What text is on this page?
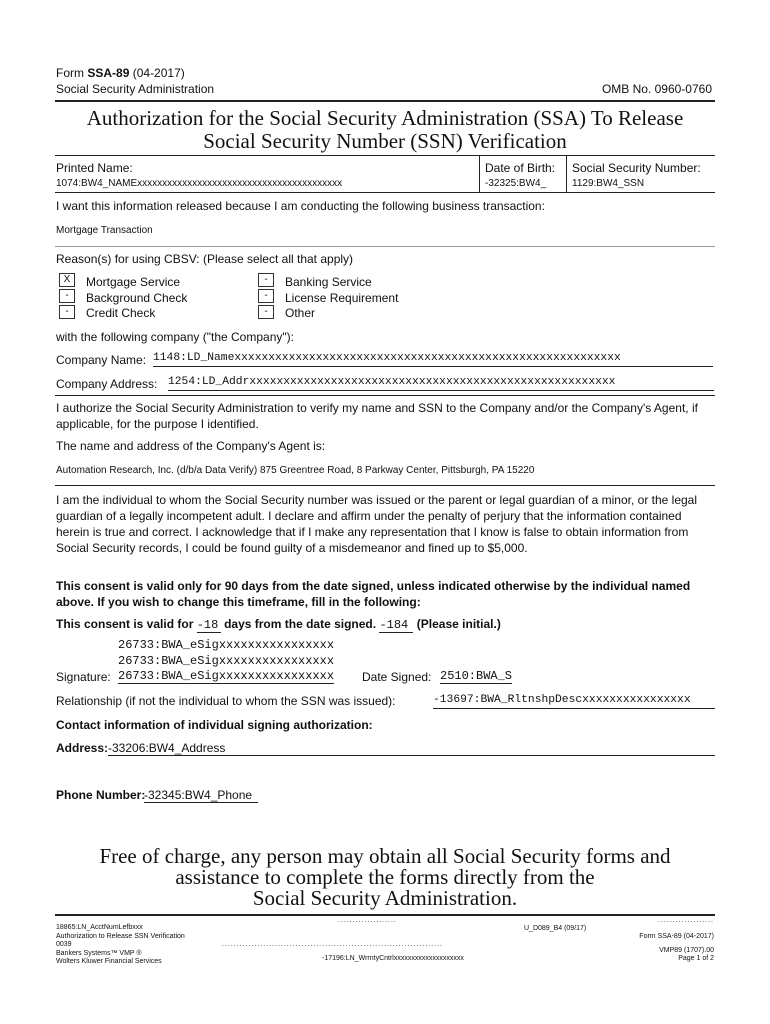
Form SSA-89 (04-2017)
Social Security Administration	OMB No. 0960-0760
Authorization for the Social Security Administration (SSA) To Release
Social Security Number (SSN) Verification
Printed Name:
1074:BW4_NAMExxxxxxxxxxxxxxxxxxxxxxxxxxxxxxxxxxxxxxxxx
Date of Birth:
-32325:BW4_
Social Security Number:
1129:BW4_SSN
I want this information released because I am conducting the following business transaction:
Mortgage Transaction
Reason(s) for using CBSV: (Please select all that apply)
X	Mortgage Service
-	Background Check
-	Credit Check
-	Banking Service
-	License Requirement
-	Other
with the following company ("the Company"):
Company Name: 1148:LD_Namexxxxxxxxxxxxxxxxxxxxxxxxxxxxxxxxxxxxxxxxxxxxxxxxxxxxxxxxx
Company Address: 1254:LD_Addrxxxxxxxxxxxxxxxxxxxxxxxxxxxxxxxxxxxxxxxxxxxxxxxxxxxxxx
I authorize the Social Security Administration to verify my name and SSN to the Company and/or the Company's Agent, if applicable, for the purpose I identified.
The name and address of the Company's Agent is:
Automation Research, Inc. (d/b/a Data Verify) 875 Greentree Road, 8 Parkway Center, Pittsburgh, PA 15220
I am the individual to whom the Social Security number was issued or the parent or legal guardian of a minor, or the legal guardian of a legally incompetent adult. I declare and affirm under the penalty of perjury that the information contained herein is true and correct. I acknowledge that if I make any representation that I know is false to obtain information from Social Security records, I could be found guilty of a misdemeanor and fined up to $5,000.
This consent is valid only for 90 days from the date signed, unless indicated otherwise by the individual named above. If you wish to change this timeframe, fill in the following:
This consent is valid for -18 days from the date signed. -184 (Please initial.)
26733:BWA_eSigxxxxxxxxxxxxxxxx
26733:BWA_eSigxxxxxxxxxxxxxxxx
Signature: 26733:BWA_eSigxxxxxxxxxxxxxxxx Date Signed: 2510:BWA_S
Relationship (if not the individual to whom the SSN was issued):	-13697:BWA_RltnshpDescxxxxxxxxxxxxxxxx
Contact information of individual signing authorization:
Address: -33206:BW4_Address
Phone Number:
-32345:BW4_Phone
Free of charge, any person may obtain all Social Security forms and
assistance to complete the forms directly from the
Social Security Administration.
18865:LN_AcctNumLefbxxx
Authorization to Release SSN Verification
0039
Bankers Systems™ VMP ®
Wolters Kluwer Financial Services
....................
U_D089_B4 (09/17)
...........................................................................
-17196:LN_WrrntyCntrlxxxxxxxxxxxxxxxxxxxx
...................
Form SSA-89 (04-2017)
VMP89 (1707).00
Page 1 of 2
